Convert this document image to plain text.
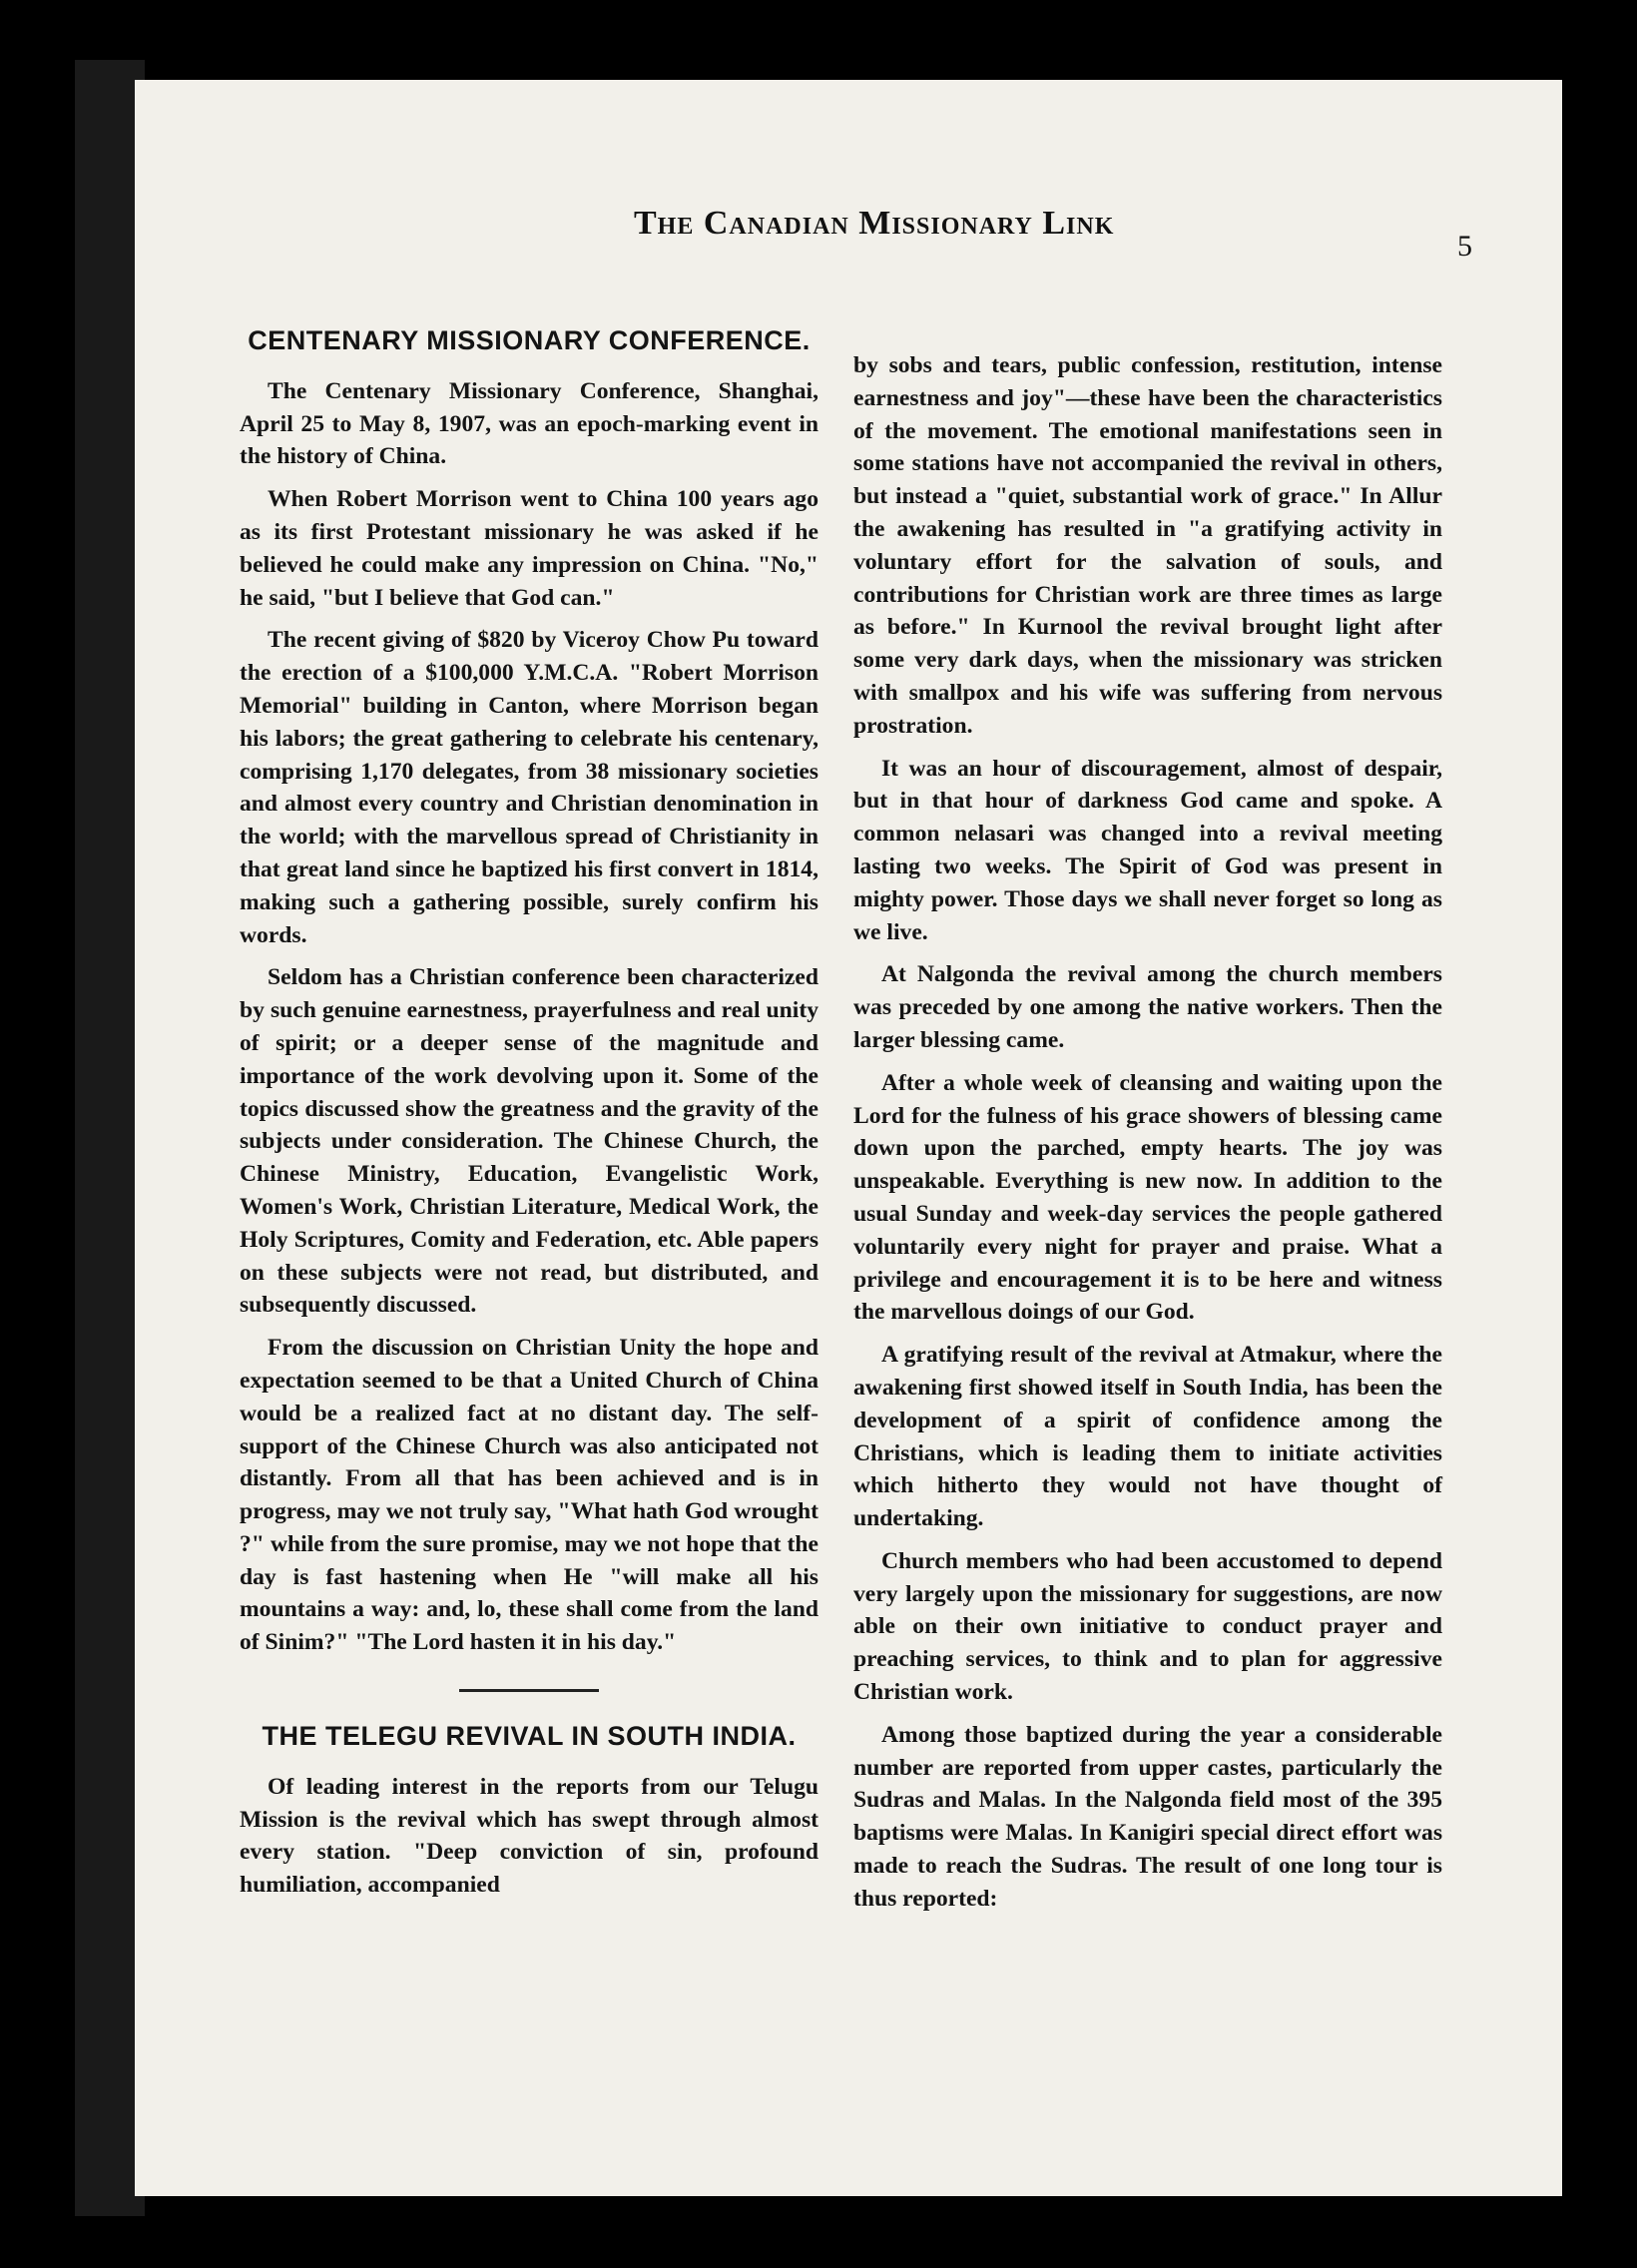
The Canadian Missionary Link
5
CENTENARY MISSIONARY CONFERENCE.

The Centenary Missionary Conference, Shanghai, April 25 to May 8, 1907, was an epoch-marking event in the history of China.

When Robert Morrison went to China 100 years ago as its first Protestant missionary he was asked if he believed he could make any impression on China. "No," he said, "but I believe that God can."

The recent giving of $820 by Viceroy Chow Pu toward the erection of a $100,000 Y.M.C.A. "Robert Morrison Memorial" building in Canton, where Morrison began his labors; the great gathering to celebrate his centenary, comprising 1,170 delegates, from 38 missionary societies and almost every country and Christian denomination in the world; with the marvellous spread of Christianity in that great land since he baptized his first convert in 1814, making such a gathering possible, surely confirm his words.

Seldom has a Christian conference been characterized by such genuine earnestness, prayerfulness and real unity of spirit; or a deeper sense of the magnitude and importance of the work devolving upon it. Some of the topics discussed show the greatness and the gravity of the subjects under consideration. The Chinese Church, the Chinese Ministry, Education, Evangelistic Work, Women's Work, Christian Literature, Medical Work, the Holy Scriptures, Comity and Federation, etc. Able papers on these subjects were not read, but distributed, and subsequently discussed.

From the discussion on Christian Unity the hope and expectation seemed to be that a United Church of China would be a realized fact at no distant day. The self-support of the Chinese Church was also anticipated not distantly. From all that has been achieved and is in progress, may we not truly say, "What hath God wrought ?" while from the sure promise, may we not hope that the day is fast hastening when He "will make all his mountains a way: and, lo, these shall come from the land of Sinim?" "The Lord hasten it in his day."

THE TELEGU REVIVAL IN SOUTH INDIA.

Of leading interest in the reports from our Telugu Mission is the revival which has swept through almost every station. "Deep conviction of sin, profound humiliation, accompanied

by sobs and tears, public confession, restitution, intense earnestness and joy"—these have been the characteristics of the movement. The emotional manifestations seen in some stations have not accompanied the revival in others, but instead a "quiet, substantial work of grace." In Allur the awakening has resulted in "a gratifying activity in voluntary effort for the salvation of souls, and contributions for Christian work are three times as large as before." In Kurnool the revival brought light after some very dark days, when the missionary was stricken with smallpox and his wife was suffering from nervous prostration.

It was an hour of discouragement, almost of despair, but in that hour of darkness God came and spoke. A common nelasari was changed into a revival meeting lasting two weeks. The Spirit of God was present in mighty power. Those days we shall never forget so long as we live.

At Nalgonda the revival among the church members was preceded by one among the native workers. Then the larger blessing came.

After a whole week of cleansing and waiting upon the Lord for the fulness of his grace showers of blessing came down upon the parched, empty hearts. The joy was unspeakable. Everything is new now. In addition to the usual Sunday and week-day services the people gathered voluntarily every night for prayer and praise. What a privilege and encouragement it is to be here and witness the marvellous doings of our God.

A gratifying result of the revival at Atmakur, where the awakening first showed itself in South India, has been the development of a spirit of confidence among the Christians, which is leading them to initiate activities which hitherto they would not have thought of undertaking.

Church members who had been accustomed to depend very largely upon the missionary for suggestions, are now able on their own initiative to conduct prayer and preaching services, to think and to plan for aggressive Christian work.

Among those baptized during the year a considerable number are reported from upper castes, particularly the Sudras and Malas. In the Nalgonda field most of the 395 baptisms were Malas. In Kanigiri special direct effort was made to reach the Sudras. The result of one long tour is thus reported:
